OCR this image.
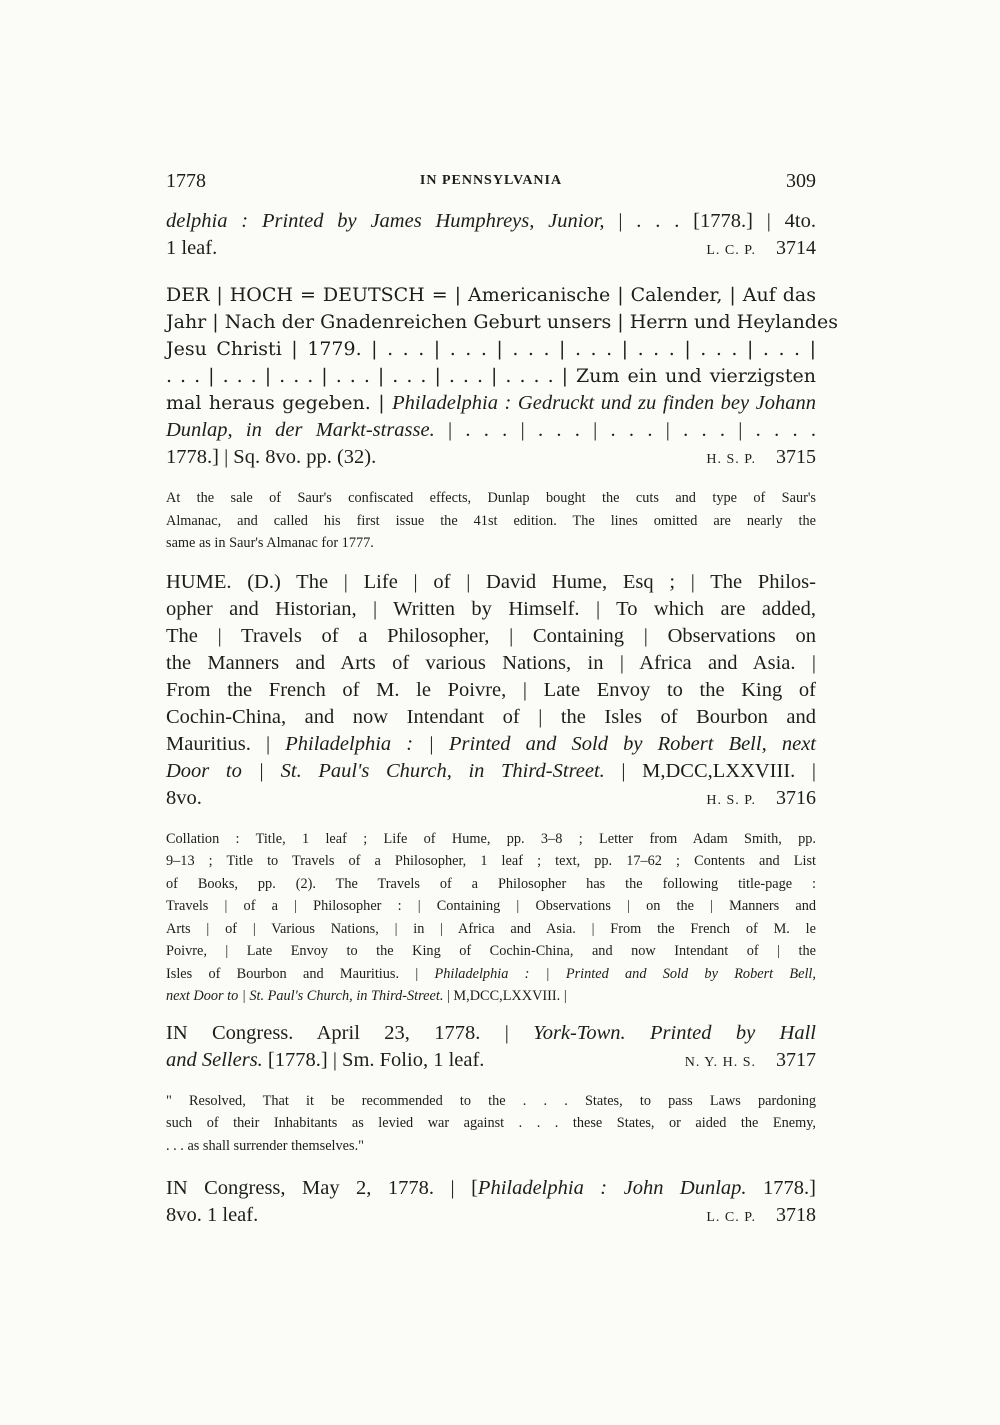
1778	IN PENNSYLVANIA	309
delphia : Printed by James Humphreys, Junior, | . . . [1778.] | 4to.
1 leaf.	L. C. P. 3714
DER | HOCH = DEUTSCH = | Americanische | Calender, | Auf das
Jahr | Nach der Gnadenreichen Geburt unsers | Herrn und Heylandes
Jesu Christi | 1779. | . . . | . . . | . . . | . . . | . . . | . . . | . . . |
. . . | . . . | . . . | . . . | . . . | . . . | . . . . | Zum ein und vierzigsten
mal heraus gegeben. | Philadelphia : Gedruckt und zu finden bey Johann
Dunlap, in der Markt-strasse. | . . . | . . . | . . . | . . . | . . . .
1778.] | Sq. 8vo. pp. (32).	H. S. P. 3715
At the sale of Saur's confiscated effects, Dunlap bought the cuts and type of Saur's
Almanac, and called his first issue the 41st edition. The lines omitted are nearly the
same as in Saur's Almanac for 1777.
HUME. (D.) The | Life | of | David Hume, Esq ; | The Philos-
opher and Historian, | Written by Himself. | To which are added,
The | Travels of a Philosopher, | Containing | Observations on
the Manners and Arts of various Nations, in | Africa and Asia. |
From the French of M. le Poivre, | Late Envoy to the King of
Cochin-China, and now Intendant of | the Isles of Bourbon and
Mauritius. | Philadelphia : | Printed and Sold by Robert Bell, next
Door to | St. Paul's Church, in Third-Street. | M,DCC,LXXVIII. |
8vo.	H. S. P. 3716
Collation : Title, 1 leaf ; Life of Hume, pp. 3–8 ; Letter from Adam Smith, pp.
9–13 ; Title to Travels of a Philosopher, 1 leaf ; text, pp. 17–62 ; Contents and List
of Books, pp. (2). The Travels of a Philosopher has the following title-page :
Travels | of a | Philosopher : | Containing | Observations | on the | Manners and
Arts | of | Various Nations, | in | Africa and Asia. | From the French of M. le
Poivre, | Late Envoy to the King of Cochin-China, and now Intendant of | the
Isles of Bourbon and Mauritius. | Philadelphia : | Printed and Sold by Robert Bell,
next Door to | St. Paul's Church, in Third-Street. | M,DCC,LXXVIII. |
IN Congress. April 23, 1778. | York-Town. Printed by Hall
and Sellers. [1778.] | Sm. Folio, 1 leaf.	N. Y. H. S. 3717
" Resolved, That it be recommended to the . . . States, to pass Laws pardoning
such of their Inhabitants as levied war against . . . these States, or aided the Enemy,
. . . as shall surrender themselves."
IN Congress, May 2, 1778. | [Philadelphia : John Dunlap. 1778.]
8vo. 1 leaf.	L. C. P. 3718
